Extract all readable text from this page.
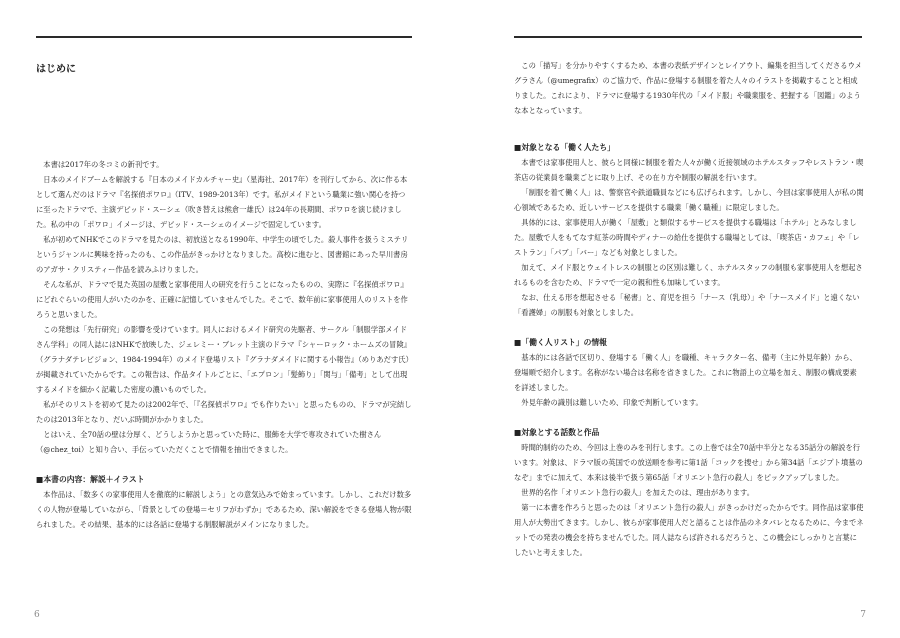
はじめに

本書は2017年の冬コミの新刊です。

日本のメイドブームを解説する『日本のメイドカルチャー史』（星海社、2017年）を刊行してから、次に作る本として選んだのはドラマ『名探偵ポワロ』（ITV、1989-2013年）です。私がメイドという職業に強い関心を持つに至ったドラマで、主演デビッド・スーシェ（吹き替えは熊倉一雄氏）は24年の長期間、ポワロを演じ続けました。私の中の「ポワロ」イメージは、デビッド・スーシェのイメージで固定しています。

私が初めてNHKでこのドラマを見たのは、初放送となる1990年、中学生の頃でした。殺人事件を扱うミステリというジャンルに興味を持ったのも、この作品がきっかけとなりました。高校に進むと、図書館にあった早川書房のアガサ・クリスティー作品を読みふけりました。

そんな私が、ドラマで見た英国の屋敷と家事使用人の研究を行うことになったものの、実際に『名探偵ポワロ』にどれぐらいの使用人がいたのかを、正確に記憶していませんでした。そこで、数年前に家事使用人のリストを作ろうと思いました。

この発想は「先行研究」の影響を受けています。同人におけるメイド研究の先駆者、サークル「制服学部メイドさん学科」の同人誌にはNHKで放映した、ジェレミー・ブレット主演のドラマ『シャーロック・ホームズの冒険』（グラナダテレビジョン、1984-1994年）のメイド登場リスト『グラナダメイドに関する小報告』（めりあだす氏）が掲載されていたからです。この報告は、作品タイトルごとに、「エプロン」「髪飾り」「関与」「備考」として出現するメイドを細かく記載した密度の濃いものでした。

私がそのリストを初めて見たのは2002年で、「『名探偵ポワロ』でも作りたい」と思ったものの、ドラマが完結したのは2013年となり、だいぶ時間がかかりました。

とはいえ、全70話の壁は分厚く、どうしようかと思っていた時に、服飾を大学で専攻されていた樹さん（@chez_toi）と知り合い、手伝っていただくことで情報を抽出できました。

■本書の内容：解説＋イラスト

本作品は、「数多くの家事使用人を徹底的に解説しよう」との意気込みで始まっています。しかし、これだけ数多くの人物が登場していながら、「背景としての登場＝セリフがわずか」であるため、深い解説をできる登場人物が限られました。その結果、基本的には各話に登場する制服解説がメインになりました。

6

この「描写」を分かりやすくするため、本書の表紙デザインとレイアウト、編集を担当してくださるウメグラさん（@umegrafix）のご協力で、作品に登場する制服を着た人々のイラストを掲載することと相成りました。これにより、ドラマに登場する1930年代の「メイド服」や職業服を、把握する「図鑑」のような本となっています。

■対象となる「働く人たち」

本書では家事使用人と、彼らと同様に制服を着た人々が働く近接領域のホテルスタッフやレストラン・喫茶店の従業員を職業ごとに取り上げ、その在り方や制服の解説を行います。

「制服を着て働く人」は、警察官や鉄道職員などにも広げられます。しかし、今回は家事使用人が私の関心領域であるため、近しいサービスを提供する職業「働く職種」に限定しました。

具体的には、家事使用人が働く「屋敷」と類似するサービスを提供する職場は「ホテル」とみなしました。屋敷で人をもてなす紅茶の時間やディナーの給仕を提供する職場としては、「喫茶店・カフェ」や「レストラン」「パブ」「バー」なども対象としました。

加えて、メイド服とウェイトレスの制服との区別は難しく、ホテルスタッフの制服も家事使用人を想起されるものを含むため、ドラマで一定の親和性も加味しています。

なお、仕える形を想起させる「秘書」と、育児を担う「ナース（乳母）」や「ナースメイド」と遠くない「看護婦」の制服も対象としました。

■「働く人リスト」の情報

基本的には各話で区切り、登場する「働く人」を職種、キャラクター名、備考（主に外見年齢）から、登場順で紹介します。名称がない場合は名称を省きました。これに物語上の立場を加え、制服の構成要素を詳述しました。

外見年齢の識別は難しいため、印象で判断しています。

■対象とする話数と作品

時間的制約のため、今回は上巻のみを刊行します。この上巻では全70話中半分となる35話分の解説を行います。対象は、ドラマ版の英国での放送順を参考に第1話「コックを捜せ」から第34話「エジプト墳墓のなぞ」までに加えて、本来は後半で扱う第65話「オリエント急行の殺人」をピックアップしました。

世界的名作「オリエント急行の殺人」を加えたのは、理由があります。

第一に本書を作ろうと思ったのは「オリエント急行の殺人」がきっかけだったからです。同作品は家事使用人が大勢出てきます。しかし、彼らが家事使用人だと語ることは作品のネタバレとなるために、今までネットでの発表の機会を持ちませんでした。同人誌ならば許されるだろうと、この機会にしっかりと言葉にしたいと考えました。

7
